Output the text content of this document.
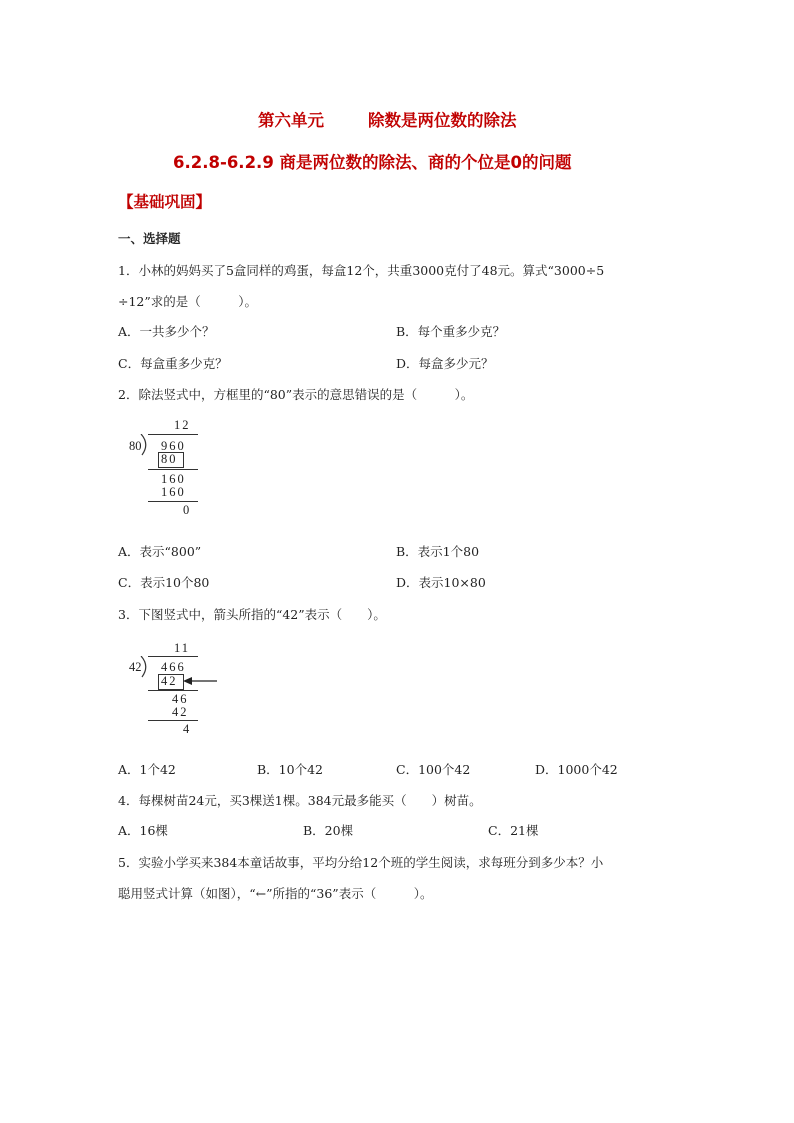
第六单元	除数是两位数的除法
6.2.8-6.2.9 商是两位数的除法、商的个位是0的问题
【基础巩固】
一、选择题
1．小林的妈妈买了5盒同样的鸡蛋，每盒12个，共重3000克付了48元。算式“3000÷5
÷12”求的是（　　　）。
A．一共多少个？	B．每个重多少克？
C．每盒重多少克？	D．每盒多少元？
2．除法竖式中，方框里的“80”表示的意思错误的是（　　　）。
12
80 960
80
160
160
0
A．表示“800”	B．表示1个80
C．表示10个80	D．表示10×80
3．下图竖式中，箭头所指的“42”表示（　　）。
11
42 466
42
46
42
4
A．1个42	B．10个42	C．100个42	D．1000个42
4．每棵树苗24元，买3棵送1棵。384元最多能买（　　）树苗。
A．16棵	B．20棵	C．21棵
5．实验小学买来384本童话故事，平均分给12个班的学生阅读，求每班分到多少本？小
聪用竖式计算（如图），“←”所指的“36”表示（　　　）。
